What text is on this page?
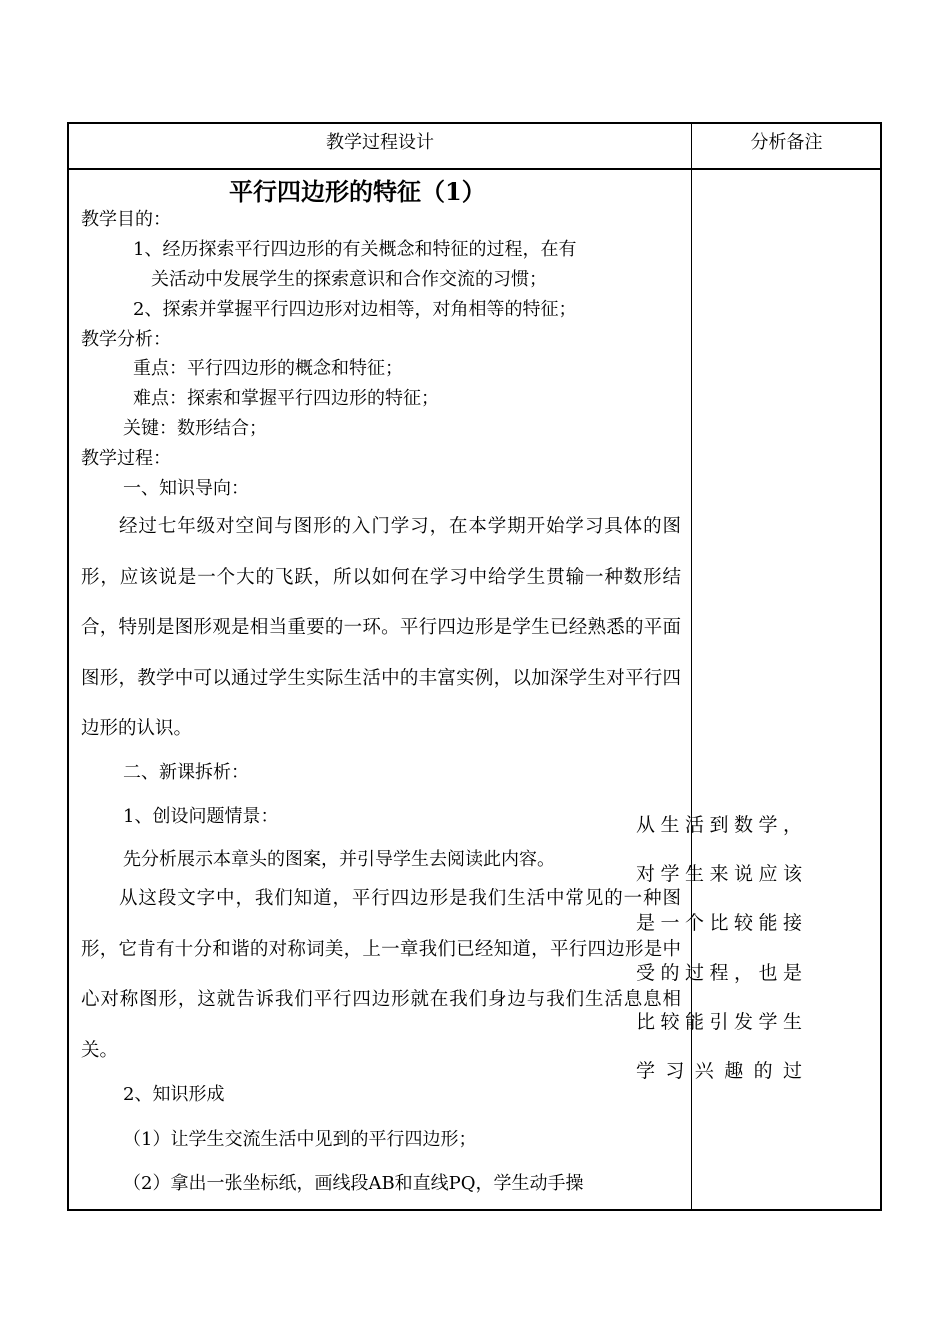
教学过程设计	分析备注
平行四边形的特征（1）
教学目的：
1、经历探索平行四边形的有关概念和特征的过程，在有
关活动中发展学生的探索意识和合作交流的习惯；
2、探索并掌握平行四边形对边相等，对角相等的特征；
教学分析：
重点：平行四边形的概念和特征；
难点：探索和掌握平行四边形的特征；
关键：数形结合；
教学过程：
一、知识导向：
经过七年级对空间与图形的入门学习，在本学期开始学习具体的图形，应该说是一个大的飞跃，所以如何在学习中给学生贯输一种数形结合，特别是图形观是相当重要的一环。平行四边形是学生已经熟悉的平面图形，教学中可以通过学生实际生活中的丰富实例，以加深学生对平行四边形的认识。
二、新课拆析：
1、创设问题情景：
先分析展示本章头的图案，并引导学生去阅读此内容。
从这段文字中，我们知道，平行四边形是我们生活中常见的一种图形，它肯有十分和谐的对称词美，上一章我们已经知道，平行四边形是中心对称图形，这就告诉我们平行四边形就在我们身边与我们生活息息相关。
2、知识形成
（1）让学生交流生活中见到的平行四边形；
（2）拿出一张坐标纸，画线段AB和直线PQ，学生动手操
从生活到数学，
对学生来说应该
是一个比较能接
受的过程，也是
比较能引发学生
学习兴趣的过
